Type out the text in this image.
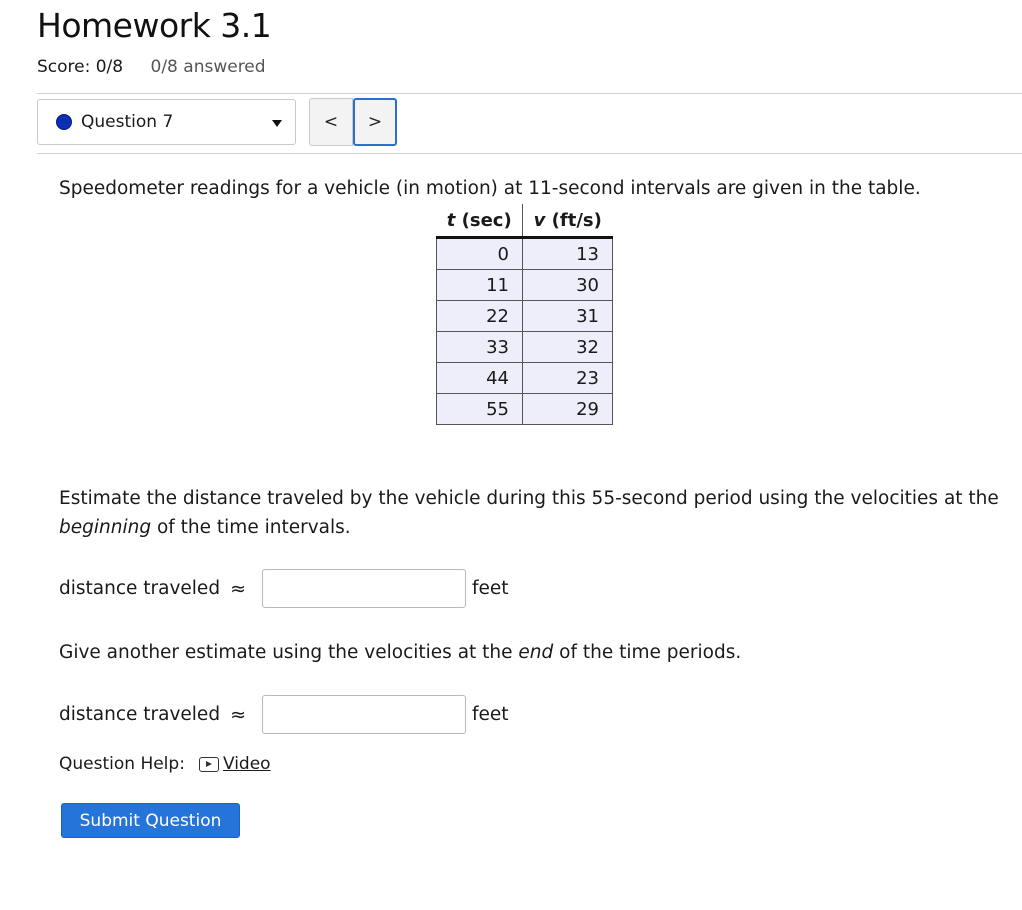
Homework 3.1
Score: 0/8 0/8 answered
Question 7	<	>
Speedometer readings for a vehicle (in motion) at 11-second intervals are given in the table.
t (sec)	v (ft/s)
0	13
11	30
22	31
33	32
44	23
55	29
Estimate the distance traveled by the vehicle during this 55-second period using the velocities at the beginning of the time intervals.
distance traveled ≈	feet
Give another estimate using the velocities at the end of the time periods.
distance traveled ≈	feet
Question Help: Video
Submit Question
